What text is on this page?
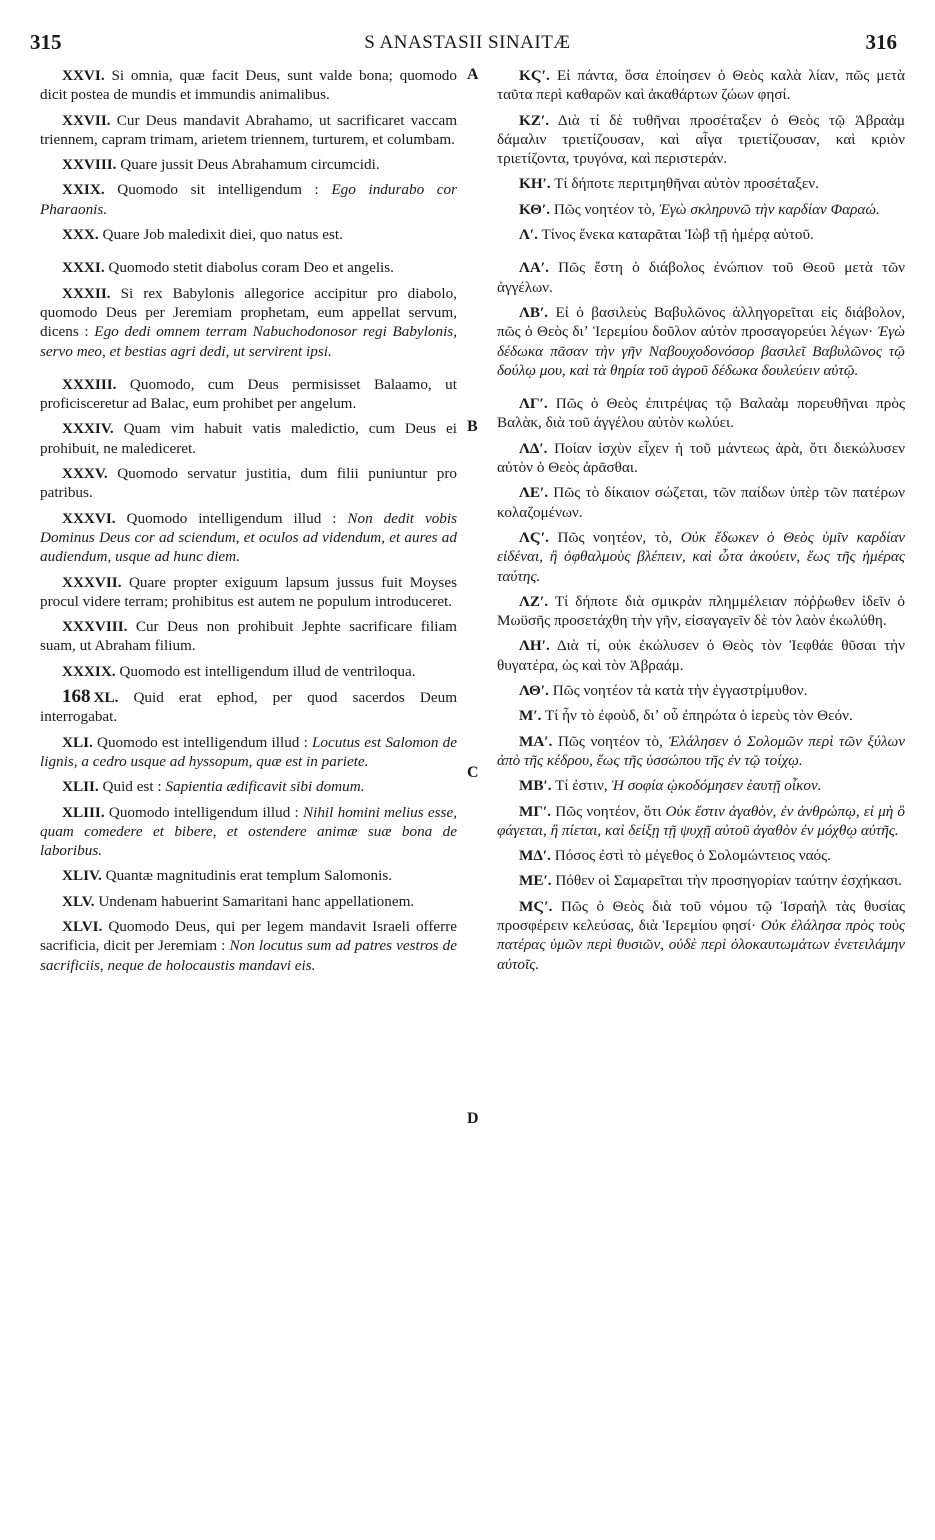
315	S ANASTASII SINAITÆ	316
A
B
C
D

XXVI. Si omnia, quæ facit Deus, sunt valde bona; quomodo dicit postea de mundis et immundis animalibus.

XXVII. Cur Deus mandavit Abrahamo, ut sacrificaret vaccam triennem, capram trimam, arietem triennem, turturem, et columbam.

XXVIII. Quare jussit Deus Abrahamum circumcidi.

XXIX. Quomodo sit intelligendum : Ego indurabo cor Pharaonis.

XXX. Quare Job maledixit diei, quo natus est.

XXXI. Quomodo stetit diabolus coram Deo et angelis.

XXXII. Si rex Babylonis allegorice accipitur pro diabolo, quomodo Deus per Jeremiam prophetam, eum appellat servum, dicens : Ego dedi omnem terram Nabuchodonosor regi Babylonis, servo meo, et bestias agri dedi, ut servirent ipsi.

XXXIII. Quomodo, cum Deus permisisset Balaamo, ut proficisceretur ad Balac, eum prohibet per angelum.

XXXIV. Quam vim habuit vatis maledictio, cum Deus ei prohibuit, ne malediceret.

XXXV. Quomodo servatur justitia, dum filii puniuntur pro patribus.

XXXVI. Quomodo intelligendum illud : Non dedit vobis Dominus Deus cor ad sciendum, et oculos ad videndum, et aures ad audiendum, usque ad hunc diem.

XXXVII. Quare propter exiguum lapsum jussus fuit Moyses procul videre terram; prohibitus est autem ne populum introduceret.

XXXVIII. Cur Deus non prohibuit Jephte sacrificare filiam suam, ut Abraham filium.

XXXIX. Quomodo est intelligendum illud de ventriloqua.

168 XL. Quid erat ephod, per quod sacerdos Deum interrogabat.

XLI. Quomodo est intelligendum illud : Locutus est Salomon de lignis, a cedro usque ad hyssopum, quæ est in pariete.

XLII. Quid est : Sapientia ædificavit sibi domum.

XLIII. Quomodo intelligendum illud : Nihil homini melius esse, quam comedere et bibere, et ostendere animæ suæ bona de laboribus.

XLIV. Quantæ magnitudinis erat templum Salomonis.

XLV. Undenam habuerint Samaritani hanc appellationem.

XLVI. Quomodo Deus, qui per legem mandavit Israeli offerre sacrificia, dicit per Jeremiam : Non locutus sum ad patres vestros de sacrificiis, neque de holocaustis mandavi eis.

ΚϚʹ. Εἰ πάντα, ὅσα ἐποίησεν ὁ Θεὸς καλὰ λίαν, πῶς μετὰ ταῦτα περὶ καθαρῶν καὶ ἀκαθάρτων ζώων φησί.

ΚΖʹ. Διὰ τί δὲ τυθῆναι προσέταξεν ὁ Θεὸς τῷ Ἀβραὰμ δάμαλιν τριετίζουσαν, καὶ αἶγα τριετίζουσαν, καὶ κριὸν τριετίζοντα, τρυγόνα, καὶ περιστεράν.

ΚΗʹ. Τί δήποτε περιτμηθῆναι αὐτὸν προσέταξεν.

ΚΘʹ. Πῶς νοητέον τὸ, Ἐγὼ σκληρυνῶ τὴν καρδίαν Φαραώ.

Λʹ. Τίνος ἕνεκα καταρᾶται Ἰὼβ τῇ ἡμέρᾳ αὐτοῦ.

ΛΑʹ. Πῶς ἔστη ὁ διάβολος ἐνώπιον τοῦ Θεοῦ μετὰ τῶν ἀγγέλων.

ΛΒʹ. Εἰ ὁ βασιλεὺς Βαβυλῶνος ἀλληγορεῖται εἰς διάβολον, πῶς ὁ Θεὸς διʼ Ἱερεμίου δοῦλον αὐτὸν προσαγορεύει λέγων· Ἐγὼ δέδωκα πᾶσαν τὴν γῆν Ναβουχοδονόσορ βασιλεῖ Βαβυλῶνος τῷ δούλῳ μου, καὶ τὰ θηρία τοῦ ἀγροῦ δέδωκα δουλεύειν αὐτῷ.

ΛΓʹ. Πῶς ὁ Θεὸς ἐπιτρέψας τῷ Βαλαὰμ πορευθῆναι πρὸς Βαλὰκ, διὰ τοῦ ἀγγέλου αὐτὸν κωλύει.

ΛΔʹ. Ποίαν ἰσχὺν εἶχεν ἡ τοῦ μάντεως ἀρὰ, ὅτι διεκώλυσεν αὐτὸν ὁ Θεὸς ἀρᾶσθαι.

ΛΕʹ. Πῶς τὸ δίκαιον σώζεται, τῶν παίδων ὑπὲρ τῶν πατέρων κολαζομένων.

ΛϚʹ. Πῶς νοητέον, τὸ, Οὐκ ἔδωκεν ὁ Θεὸς ὑμῖν καρδίαν εἰδέναι, ἢ ὀφθαλμοὺς βλέπειν, καὶ ὦτα ἀκούειν, ἕως τῆς ἡμέρας ταύτης.

ΛΖʹ. Τί δήποτε διὰ σμικρὰν πλημμέλειαν πόῤῥωθεν ἰδεῖν ὁ Μωϋσῆς προσετάχθη τὴν γῆν, εἰσαγαγεῖν δὲ τὸν λαὸν ἐκωλύθη.

ΛΗʹ. Διὰ τί, οὐκ ἐκώλυσεν ὁ Θεὸς τὸν Ἰεφθάε θῦσαι τὴν θυγατέρα, ὡς καὶ τὸν Ἀβραάμ.

ΛΘʹ. Πῶς νοητέον τὰ κατὰ τὴν ἐγγαστρίμυθον.

Μʹ. Τί ἦν τὸ ἐφοὺδ, διʼ οὗ ἐπηρώτα ὁ ἱερεὺς τὸν Θεόν.

ΜΑʹ. Πῶς νοητέον τὸ, Ἐλάλησεν ὁ Σολομῶν περὶ τῶν ξύλων ἀπὸ τῆς κέδρου, ἕως τῆς ὑσσώπου τῆς ἐν τῷ τοίχῳ.

ΜΒʹ. Τί ἐστιν, Ἡ σοφία ᾠκοδόμησεν ἑαυτῇ οἶκον.

ΜΓʹ. Πῶς νοητέον, ὅτι Οὐκ ἔστιν ἀγαθὸν, ἐν ἀνθρώπῳ, εἰ μὴ ὃ φάγεται, ἢ πίεται, καὶ δείξῃ τῇ ψυχῇ αὐτοῦ ἀγαθὸν ἐν μόχθῳ αὐτῆς.

ΜΔʹ. Πόσος ἐστὶ τὸ μέγεθος ὁ Σολομώντειος ναός.

ΜΕʹ. Πόθεν οἱ Σαμαρεῖται τὴν προσηγορίαν ταύτην ἐσχήκασι.

ΜϚʹ. Πῶς ὁ Θεὸς διὰ τοῦ νόμου τῷ Ἰσραὴλ τὰς θυσίας προσφέρειν κελεύσας, διὰ Ἱερεμίου φησί· Οὐκ ἐλάλησα πρὸς τοὺς πατέρας ὑμῶν περὶ θυσιῶν, οὐδὲ περὶ ὁλοκαυτωμάτων ἐνετειλάμην αὐτοῖς.
